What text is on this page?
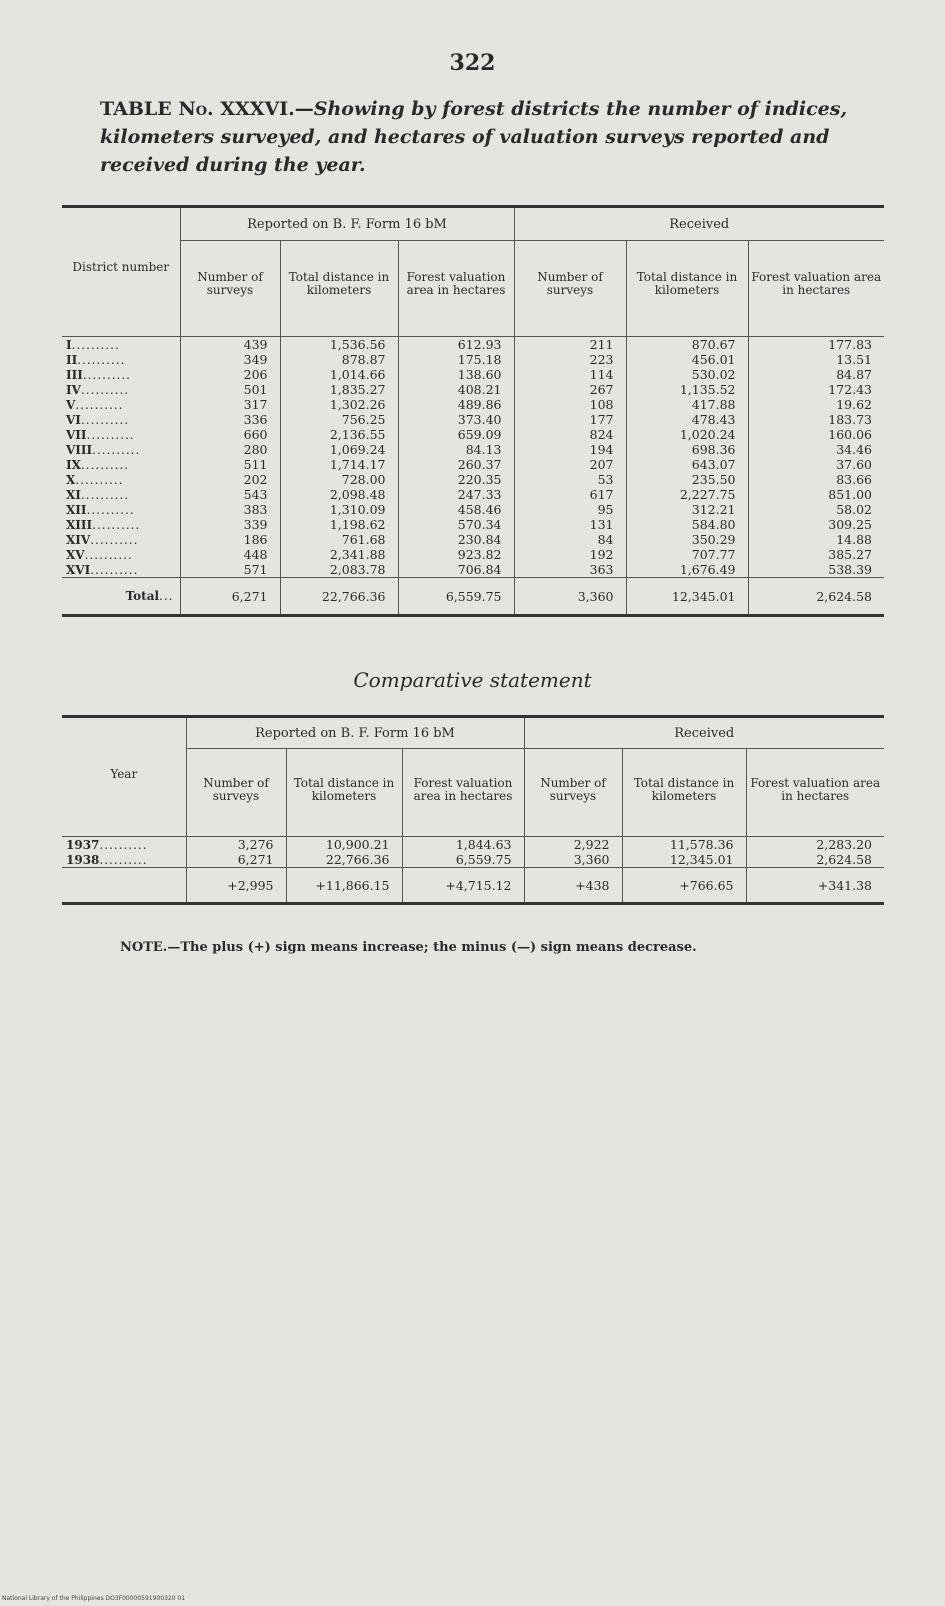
322
TABLE No. XXXVI.—Showing by forest districts the number of indices, kilometers surveyed, and hectares of valuation surveys reported and received during the year.
District number	Reported on B. F. Form 16 bM			Received		
	Number of surveys	Total distance in kilometers	Forest valuation area in hectares	Number of surveys	Total distance in kilometers	Forest valuation area in hectares

I..........	439	1,536.56	612.93	211	870.67	177.83
II..........	349	878.87	175.18	223	456.01	13.51
III..........	206	1,014.66	138.60	114	530.02	84.87
IV..........	501	1,835.27	408.21	267	1,135.52	172.43
V..........	317	1,302.26	489.86	108	417.88	19.62
VI..........	336	756.25	373.40	177	478.43	183.73
VII..........	660	2,136.55	659.09	824	1,020.24	160.06
VIII..........	280	1,069.24	84.13	194	698.36	34.46
IX..........	511	1,714.17	260.37	207	643.07	37.60
X..........	202	728.00	220.35	53	235.50	83.66
XI..........	543	2,098.48	247.33	617	2,227.75	851.00
XII..........	383	1,310.09	458.46	95	312.21	58.02
XIII..........	339	1,198.62	570.34	131	584.80	309.25
XIV..........	186	761.68	230.84	84	350.29	14.88
XV..........	448	2,341.88	923.82	192	707.77	385.27
XVI..........	571	2,083.78	706.84	363	1,676.49	538.39
Total...	6,271	22,766.36	6,559.75	3,360	12,345.01	2,624.58
Comparative statement
Year	Reported on B. F. Form 16 bM			Received		
	Number of surveys	Total distance in kilometers	Forest valuation area in hectares	Number of surveys	Total distance in kilometers	Forest valuation area in hectares

1937..........	3,276	10,900.21	1,844.63	2,922	11,578.36	2,283.20
1938..........	6,271	22,766.36	6,559.75	3,360	12,345.01	2,624.58
	+2,995	+11,866.15	+4,715.12	+438	+766.65	+341.38
NOTE.—The plus (+) sign means increase; the minus (—) sign means decrease.
National Library of the Philippines DO3F00000591900320 01
